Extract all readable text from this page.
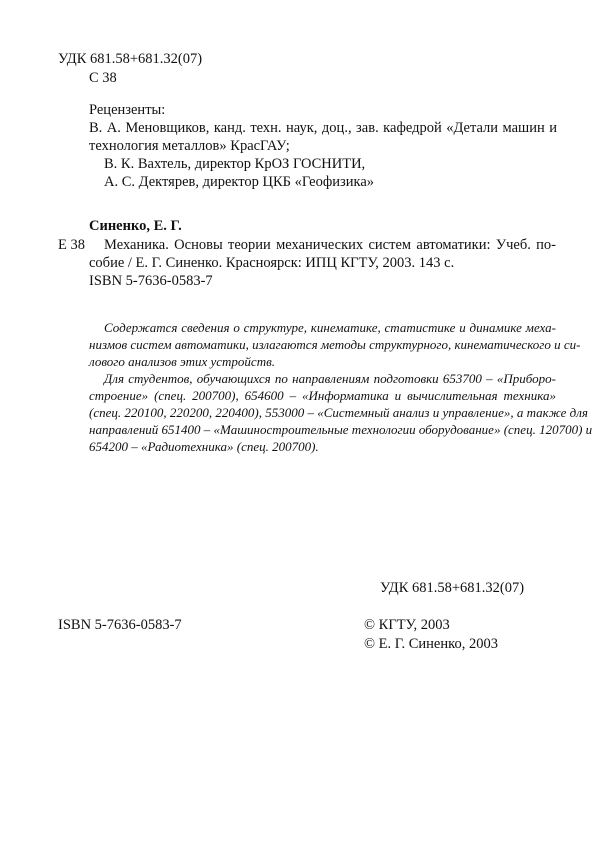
УДК 681.58+681.32(07)
С 38
Рецензенты:
В. А. Меновщиков, канд. техн. наук, доц., зав. кафедрой «Детали машин и
технология металлов» КрасГАУ;
В. К. Вахтель, директор КрОЗ ГОСНИТИ,
А. С. Дектярев, директор ЦКБ «Геофизика»
Синенко, Е. Г.
Е 38 Механика. Основы теории механических систем автоматики: Учеб. по-
собие / Е. Г. Синенко. Красноярск: ИПЦ КГТУ, 2003. 143 с.
ISBN 5-7636-0583-7
Содержатся сведения о структуре, кинематике, статистике и динамике меха-
низмов систем автоматики, излагаются методы структурного, кинематического и си-
лового анализов этих устройств.
Для студентов, обучающихся по направлениям подготовки 653700 – «Приборо-
строение» (спец. 200700), 654600 – «Информатика и вычислительная техника»
(спец. 220100, 220200, 220400), 553000 – «Системный анализ и управление», а также для
направлений 651400 – «Машиностроительные технологии оборудование» (спец. 120700) и
654200 – «Радиотехника» (спец. 200700).
УДК 681.58+681.32(07)
ISBN 5-7636-0583-7	© КГТУ, 2003
© Е. Г. Синенко, 2003
